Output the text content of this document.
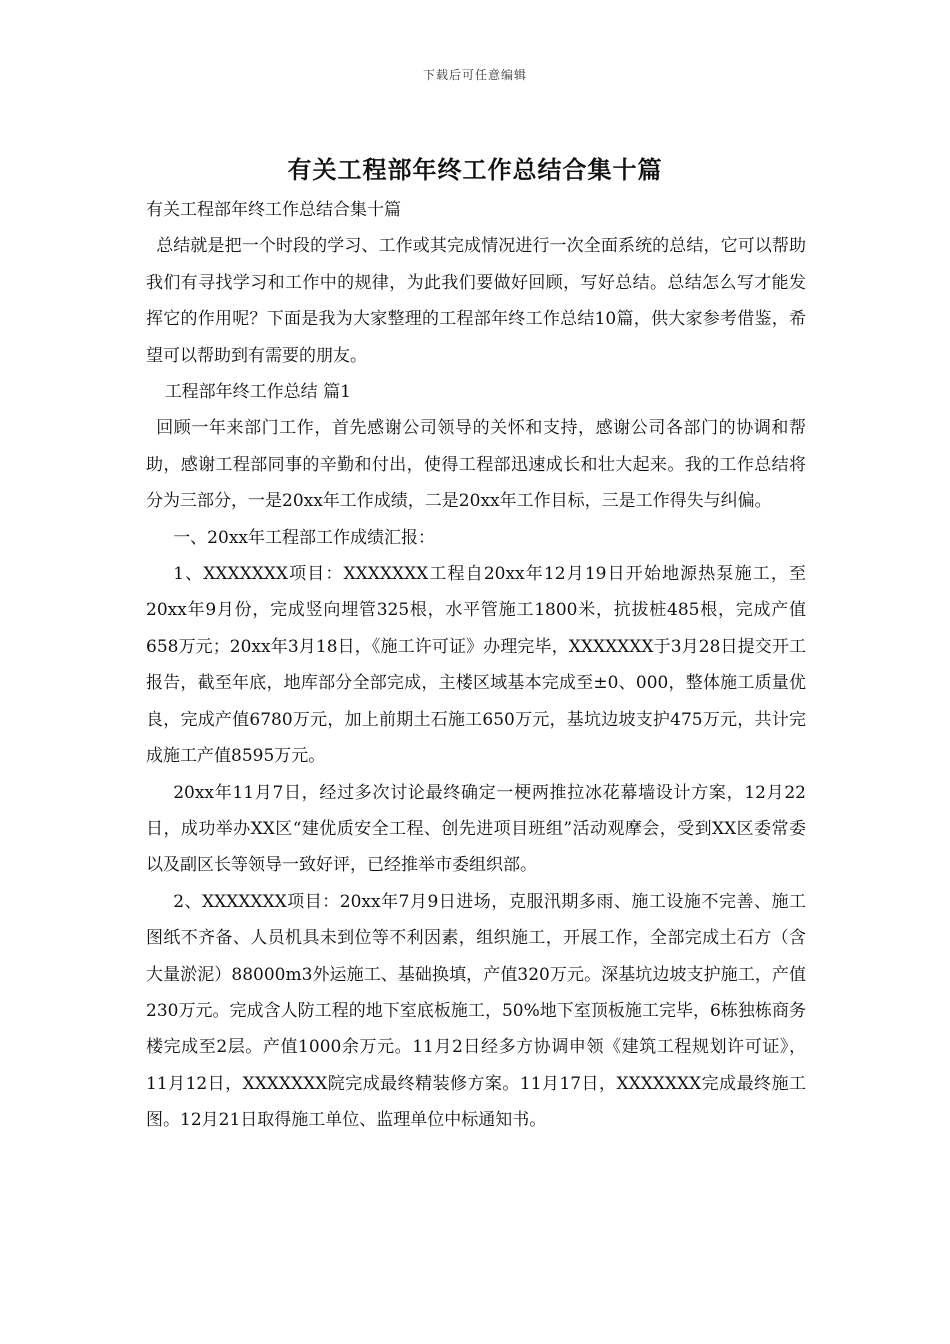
下载后可任意编辑
有关工程部年终工作总结合集十篇

有关工程部年终工作总结合集十篇

总结就是把一个时段的学习、工作或其完成情况进行一次全面系统的总结，它可以帮助我们有寻找学习和工作中的规律，为此我们要做好回顾，写好总结。总结怎么写才能发挥它的作用呢？下面是我为大家整理的工程部年终工作总结10篇，供大家参考借鉴，希望可以帮助到有需要的朋友。

工程部年终工作总结 篇1

回顾一年来部门工作，首先感谢公司领导的关怀和支持，感谢公司各部门的协调和帮助，感谢工程部同事的辛勤和付出，使得工程部迅速成长和壮大起来。我的工作总结将分为三部分，一是20xx年工作成绩，二是20xx年工作目标，三是工作得失与纠偏。

一、20xx年工程部工作成绩汇报：

1、XXXXXXX项目：XXXXXXX工程自20xx年12月19日开始地源热泵施工，至20xx年9月份，完成竖向埋管325根，水平管施工1800米，抗拔桩485根，完成产值658万元；20xx年3月18日，《施工许可证》办理完毕，XXXXXXX于3月28日提交开工报告，截至年底，地库部分全部完成，主楼区域基本完成至±0、000，整体施工质量优良，完成产值6780万元，加上前期土石施工650万元，基坑边坡支护475万元，共计完成施工产值8595万元。

20xx年11月7日，经过多次讨论最终确定一梗两推拉冰花幕墙设计方案，12月22日，成功举办XX区“建优质安全工程、创先进项目班组”活动观摩会，受到XX区委常委以及副区长等领导一致好评，已经推举市委组织部。

2、XXXXXXX项目：20xx年7月9日进场，克服汛期多雨、施工设施不完善、施工图纸不齐备、人员机具未到位等不利因素，组织施工，开展工作，全部完成土石方（含大量淤泥）88000m3外运施工、基础换填，产值320万元。深基坑边坡支护施工，产值230万元。完成含人防工程的地下室底板施工，50%地下室顶板施工完毕，6栋独栋商务楼完成至2层。产值1000余万元。11月2日经多方协调申领《建筑工程规划许可证》，11月12日，XXXXXXX院完成最终精装修方案。11月17日，XXXXXXX完成最终施工图。12月21日取得施工单位、监理单位中标通知书。
